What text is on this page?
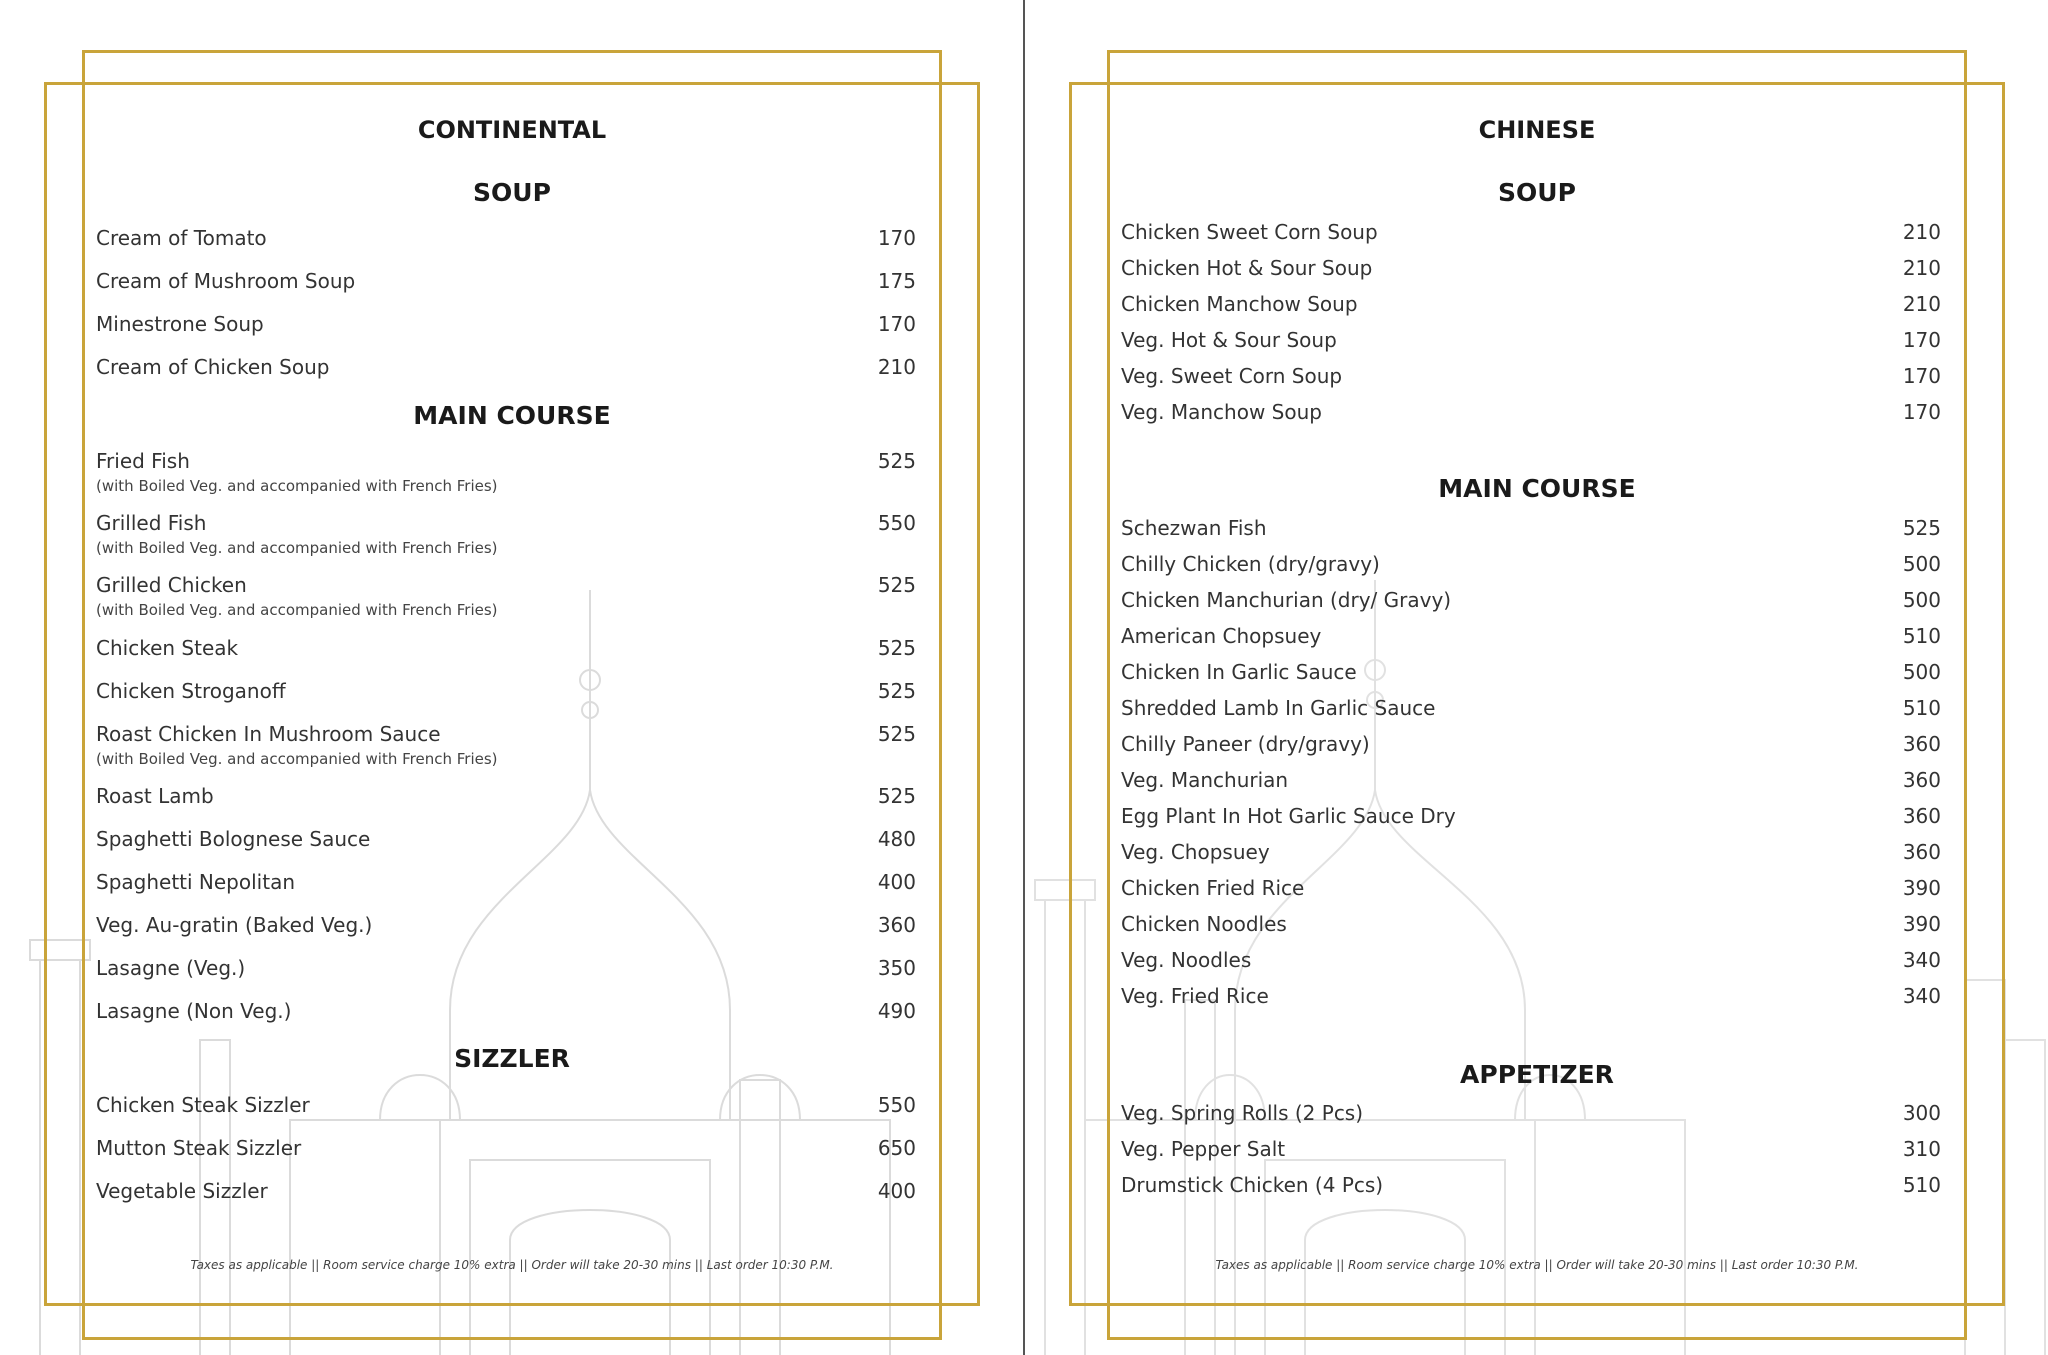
CONTINENTAL
SOUP
Cream of Tomato	170
Cream of Mushroom Soup	175
Minestrone Soup	170
Cream of Chicken Soup	210
MAIN COURSE
Fried Fish	525
(with Boiled Veg. and accompanied with French Fries)
Grilled Fish	550
(with Boiled Veg. and accompanied with French Fries)
Grilled Chicken	525
(with Boiled Veg. and accompanied with French Fries)
Chicken Steak	525
Chicken Stroganoff	525
Roast Chicken In Mushroom Sauce	525
(with Boiled Veg. and accompanied with French Fries)
Roast Lamb	525
Spaghetti Bolognese Sauce	480
Spaghetti Nepolitan	400
Veg. Au-gratin (Baked Veg.)	360
Lasagne (Veg.)	350
Lasagne (Non Veg.)	490
SIZZLER
Chicken Steak Sizzler	550
Mutton Steak Sizzler	650
Vegetable Sizzler	400
Taxes as applicable || Room service charge 10% extra || Order will take 20-30 mins || Last order 10:30 P.M.
CHINESE
SOUP
Chicken Sweet Corn Soup	210
Chicken Hot & Sour Soup	210
Chicken Manchow Soup	210
Veg. Hot & Sour Soup	170
Veg. Sweet Corn Soup	170
Veg. Manchow Soup	170
MAIN COURSE
Schezwan Fish	525
Chilly Chicken (dry/gravy)	500
Chicken Manchurian (dry/ Gravy)	500
American Chopsuey	510
Chicken In Garlic Sauce	500
Shredded Lamb In Garlic Sauce	510
Chilly Paneer (dry/gravy)	360
Veg. Manchurian	360
Egg Plant In Hot Garlic Sauce Dry	360
Veg. Chopsuey	360
Chicken Fried Rice	390
Chicken Noodles	390
Veg. Noodles	340
Veg. Fried Rice	340
APPETIZER
Veg. Spring Rolls (2 Pcs)	300
Veg. Pepper Salt	310
Drumstick Chicken (4 Pcs)	510
Taxes as applicable || Room service charge 10% extra || Order will take 20-30 mins || Last order 10:30 P.M.
